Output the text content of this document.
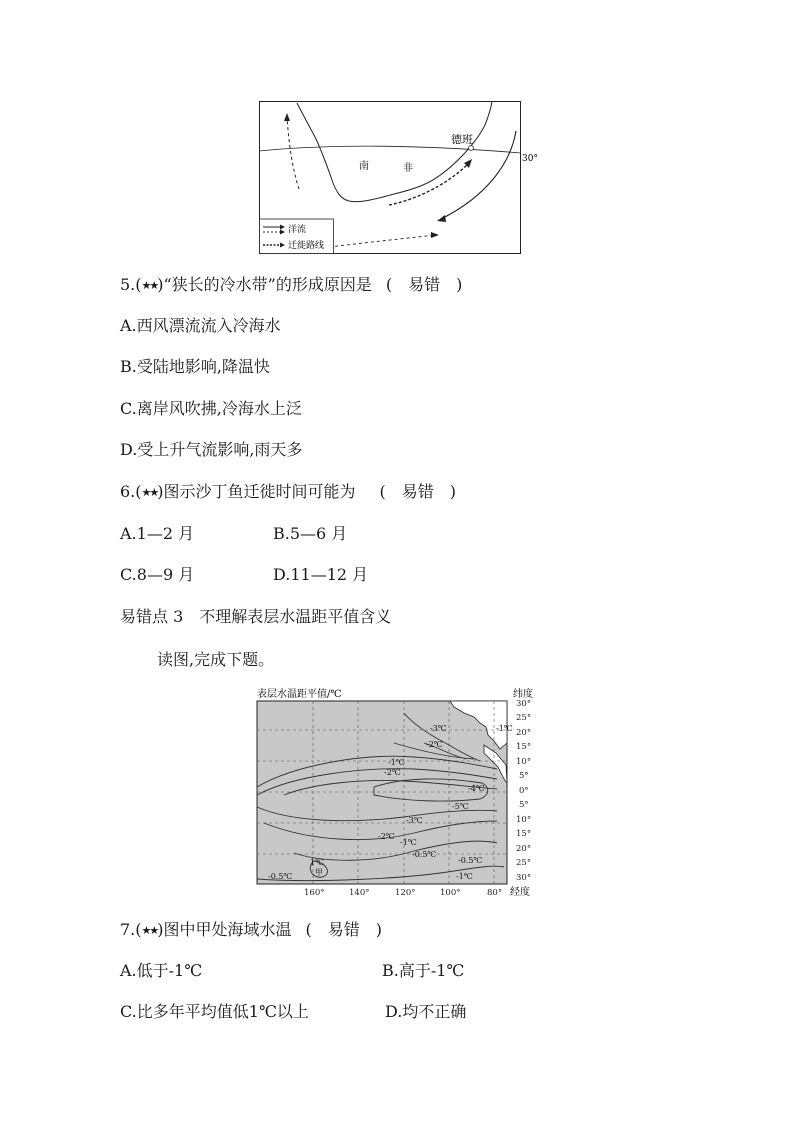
德班
南	非
30°
洋流
迁徙路线
5.(★★)“狭长的冷水带”的形成原因是 (　易错　)
A.西风漂流流入冷海水
B.受陆地影响,降温快
C.离岸风吹拂,冷海水上泛
D.受上升气流影响,雨天多
6.(★★)图示沙丁鱼迁徙时间可能为 (　易错　)
A.1—2 月	B.5—6 月
C.8—9 月	D.11—12 月
易错点 3　不理解表层水温距平值含义
读图,完成下题。
表层水温距平值/℃	纬度
经度
30°
25°
20°
15°
10°
5°
0°
5°
10°
15°
20°
25°
30°
160°	140°	120°	100°	80°
-3℃
-2℃
-1℃
-1℃
-2℃
-4℃
-5℃
-3℃
-2℃
-1℃
-0.5℃
-0.5℃
-1℃
1℃
-0.5℃	甲
7.(★★)图中甲处海域水温 (　易错　)
A.低于-1℃	B.高于-1℃
C.比多年平均值低1℃以上	D.均不正确
